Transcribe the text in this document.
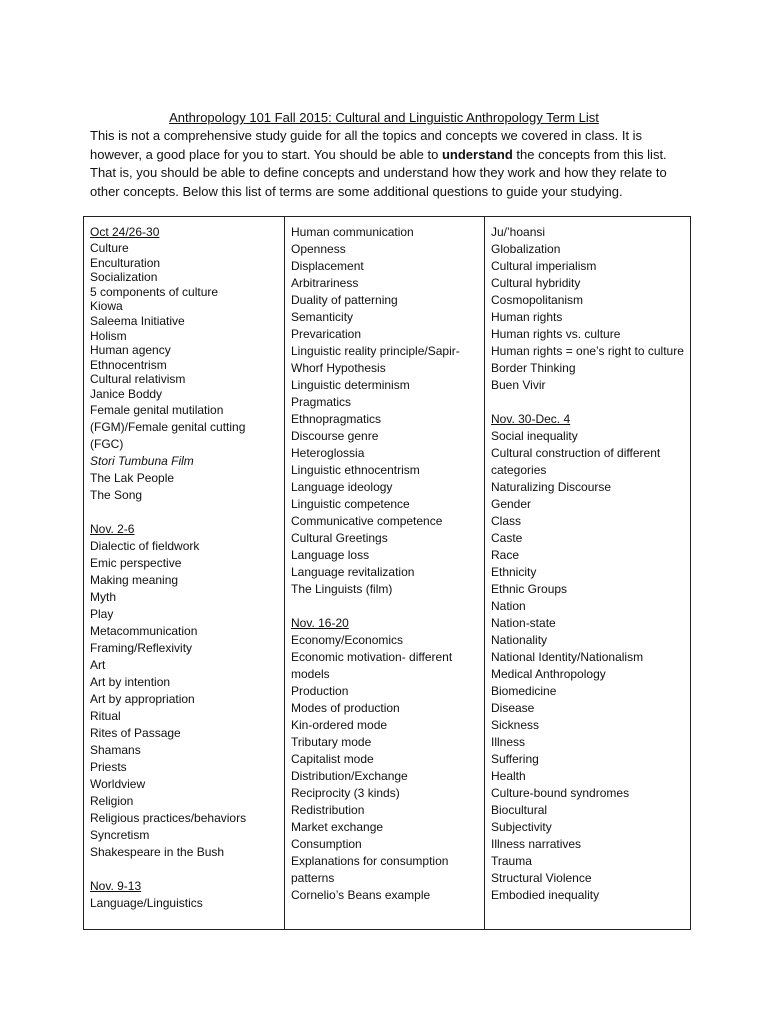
Anthropology 101 Fall 2015: Cultural and Linguistic Anthropology Term List
This is not a comprehensive study guide for all the topics and concepts we covered in class. It is however, a good place for you to start. You should be able to understand the concepts from this list. That is, you should be able to define concepts and understand how they work and how they relate to other concepts. Below this list of terms are some additional questions to guide your studying.
Oct 24/26-30
Culture
Enculturation
Socialization
5 components of culture
Kiowa
Saleema Initiative
Holism
Human agency
Ethnocentrism
Cultural relativism
Janice Boddy
Female genital mutilation (FGM)/Female genital cutting (FGC)
Stori Tumbuna Film
The Lak People
The Song
Nov. 2-6
Dialectic of fieldwork
Emic perspective
Making meaning
Myth
Play
Metacommunication
Framing/Reflexivity
Art
Art by intention
Art by appropriation
Ritual
Rites of Passage
Shamans
Priests
Worldview
Religion
Religious practices/behaviors
Syncretism
Shakespeare in the Bush
Nov. 9-13
Language/Linguistics

Human communication
Openness
Displacement
Arbitrariness
Duality of patterning
Semanticity
Prevarication
Linguistic reality principle/Sapir-Whorf Hypothesis
Linguistic determinism
Pragmatics
Ethnopragmatics
Discourse genre
Heteroglossia
Linguistic ethnocentrism
Language ideology
Linguistic competence
Communicative competence
Cultural Greetings
Language loss
Language revitalization
The Linguists (film)
Nov. 16-20
Economy/Economics
Economic motivation- different models
Production
Modes of production
Kin-ordered mode
Tributary mode
Capitalist mode
Distribution/Exchange
Reciprocity (3 kinds)
Redistribution
Market exchange
Consumption
Explanations for consumption patterns
Cornelio’s Beans example

Ju/’hoansi
Globalization
Cultural imperialism
Cultural hybridity
Cosmopolitanism
Human rights
Human rights vs. culture
Human rights = one’s right to culture
Border Thinking
Buen Vivir
Nov. 30-Dec. 4
Social inequality
Cultural construction of different categories
Naturalizing Discourse
Gender
Class
Caste
Race
Ethnicity
Ethnic Groups
Nation
Nation-state
Nationality
National Identity/Nationalism
Medical Anthropology
Biomedicine
Disease
Sickness
Illness
Suffering
Health
Culture-bound syndromes
Biocultural
Subjectivity
Illness narratives
Trauma
Structural Violence
Embodied inequality
